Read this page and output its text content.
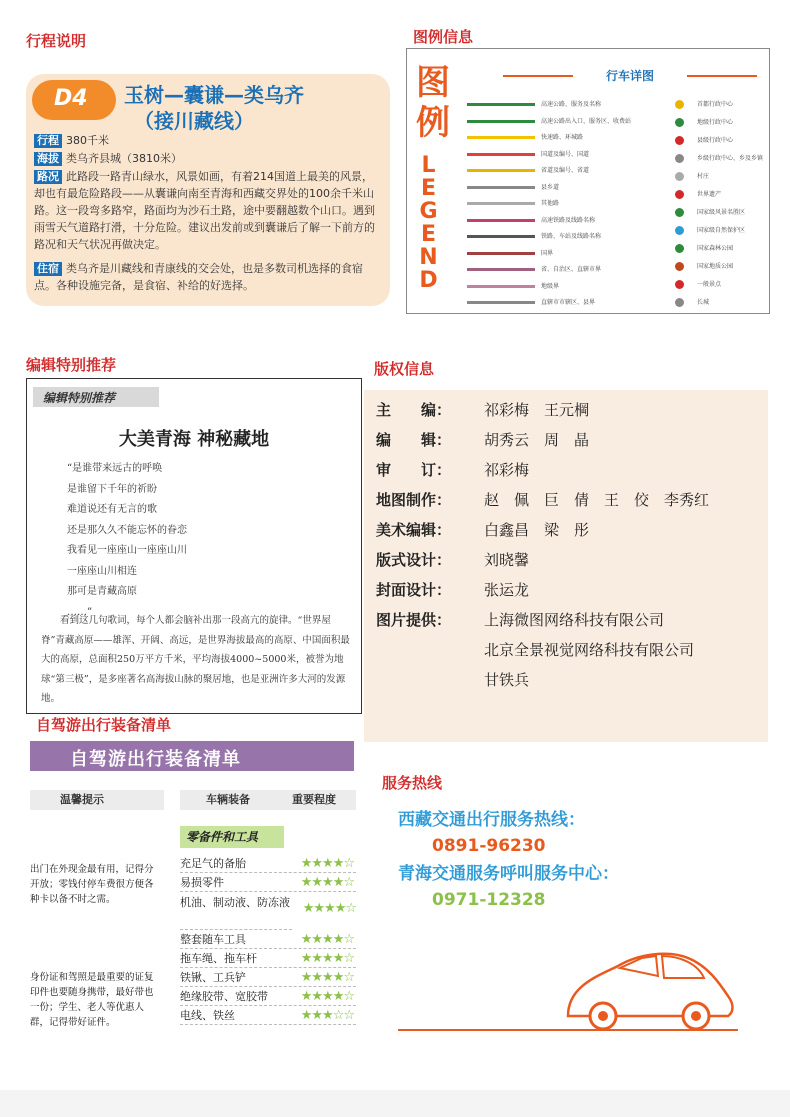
行程说明	图例信息
编辑特别推荐	版权信息
自驾游出行装备清单
服务热线
D4 玉树—囊谦—类乌齐
（接川藏线）
行程 380千米
海拔 类乌齐县城（3810米）
路况 此路段一路青山绿水，风景如画，有着214国道上最美的风景，却也有最危险路段——从囊谦向南至青海和西藏交界处的100余千米山路。这一段弯多路窄，路面均为沙石土路，途中要翻越数个山口。遇到雨雪天气道路打滑，十分危险。建议出发前或到囊谦后了解一下前方的路况和天气状况再做决定。
住宿 类乌齐是川藏线和青康线的交会处，也是多数司机选择的食宿点。各种设施完备，是食宿、补给的好选择。
图例
LEGEND
行车详图
高速公路、服务及名称
高速公路出入口、服务区、收费站
快速路、环城路
国道及编号、国道
省道及编号、省道
县乡道
其他路
高速铁路及线路名称
铁路、车站及线路名称
国界
省、自治区、直辖市界
地级界
直辖市市辖区、县界
首都行政中心
地级行政中心
县级行政中心
乡级行政中心、乡及乡镇
村庄
世界遗产
国家级风景名胜区
国家级自然保护区
国家森林公园
国家地质公园
一般景点
长城
编辑特别推荐
大美青海 神秘藏地
“是谁带来远古的呼唤
是谁留下千年的祈盼
难道说还有无言的歌
还是那久久不能忘怀的眷恋
我看见一座座山一座座山川
一座座山川相连
那可是青藏高原
……”

看到这几句歌词，每个人都会脑补出那一段高亢的旋律。“世界屋脊”青藏高原——雄浑、开阔、高远，是世界海拔最高的高原、中国面积最大的高原，总面积250万平方千米，平均海拔4000~5000米，被誉为地球“第三极”，是多座著名高海拔山脉的聚居地，也是亚洲许多大河的发源地。

主　　编： 祁彩梅　王元棡
编　　辑： 胡秀云　周　晶
审　　订： 祁彩梅
地图制作： 赵　佩　巨　倩　王　佼　李秀红
美术编辑： 白鑫昌　梁　彤
版式设计： 刘晓馨
封面设计： 张运龙
图片提供： 上海微图网络科技有限公司
北京全景视觉网络科技有限公司
甘铁兵
自驾游出行装备清单
温馨提示	车辆装备	重要程度
出门在外现金最有用，记得分开放；零钱付停车费很方便各种卡以备不时之需。
身份证和驾照是最重要的证复印件也要随身携带，最好带也一份；学生、老人等优惠人群，记得带好证件。
零备件和工具
充足气的备胎	★★★★☆
易损零件	★★★★☆
机油、制动液、防冻液 ★★★★☆
整套随车工具	★★★★☆
拖车绳、拖车杆	★★★★☆
铁锹、工兵铲	★★★★☆
绝缘胶带、宽胶带	★★★★☆
电线、铁丝	★★★☆☆
西藏交通出行服务热线：
0891-96230
青海交通服务呼叫服务中心：
0971-12328
